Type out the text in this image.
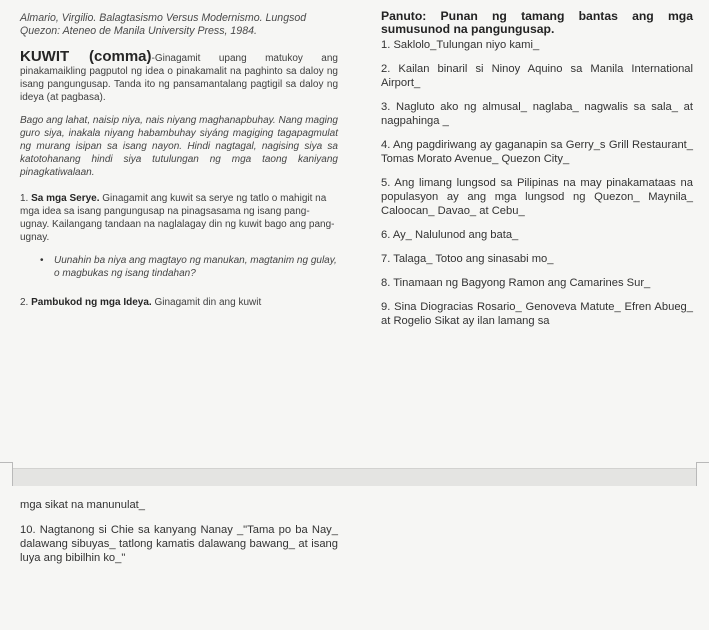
Almario, Virgilio. Balagtasismo Versus Modernismo. Lungsod Quezon: Ateneo de Manila University Press, 1984.

KUWIT (comma)-Ginagamit upang matukoy ang pinakamaikling pagputol ng idea o pinakamalit na paghinto sa daloy ng isang pangungusap. Tanda ito ng pansamantalang pagtigil sa daloy ng ideya (at pagbasa).

Bago ang lahat, naisip niya, nais niyang maghanapbuhay. Nang maging guro siya, inakala niyang habambuhay siyáng magiging tagapagmulat ng murang isipan sa isang nayon. Hindi nagtagal, nagising siya sa katotohanang hindi siya tutulungan ng mga taong kaniyang pinagkatiwalaan.

1. Sa mga Serye. Ginagamit ang kuwit sa serye ng tatlo o mahigit na mga idea sa isang pangungusap na pinagsasama ng isang pang-ugnay. Kailangang tandaan na naglalagay din ng kuwit bago ang pang-ugnay.

•	Uunahin ba niya ang magtayo ng manukan, magtanim ng gulay, o magbukas ng isang tindahan?

2. Pambukod ng mga Ideya. Ginagamit din ang kuwit

Panuto: Punan ng tamang bantas ang mga sumusunod na pangungusap.

1. Saklolo_Tulungan niyo kami_

2. Kailan binaril si Ninoy Aquino sa Manila International Airport_

3. Nagluto ako ng almusal_ naglaba_ nagwalis sa sala_ at nagpahinga _

4. Ang pagdiriwang ay gaganapin sa Gerry_s Grill Restaurant_ Tomas Morato Avenue_ Quezon City_

5. Ang limang lungsod sa Pilipinas na may pinakamataas na populasyon ay ang mga lungsod ng Quezon_ Maynila_ Caloocan_ Davao_ at Cebu_

6. Ay_ Nalulunod ang bata_

7. Talaga_ Totoo ang sinasabi mo_

8. Tinamaan ng Bagyong Ramon ang Camarines Sur_

9. Sina Diogracias Rosario_ Genoveva Matute_ Efren Abueg_ at Rogelio Sikat ay ilan lamang sa

mga sikat na manunulat_

10. Nagtanong si Chie sa kanyang Nanay _"Tama po ba Nay_ dalawang sibuyas_ tatlong kamatis dalawang bawang_ at isang luya ang bibilhin ko_"
